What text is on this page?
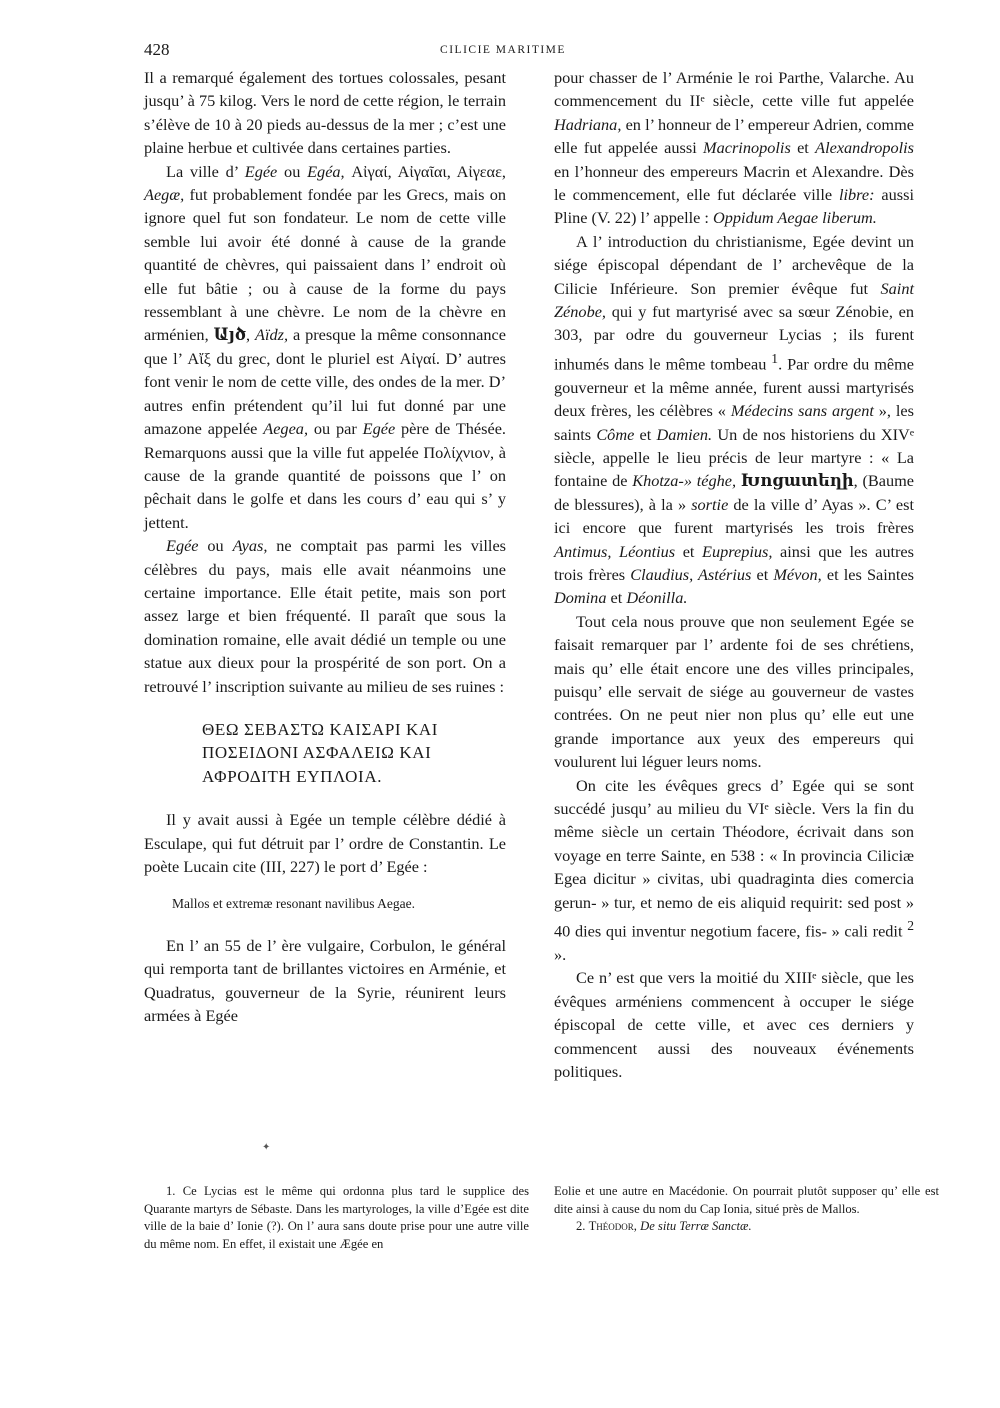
428	CILICIE MARITIME

Il a remarqué également des tortues colossales, pesant jusqu’ à 75 kilog. Vers le nord de cette région, le terrain s’élève de 10 à 20 pieds au-dessus de la mer ; c’est une plaine herbue et cultivée dans certaines parties.

La ville d’ Egée ou Egéa, Αἰγαί, Αἰγαῖαι, Αἰγεαε, Aegæ, fut probablement fondée par les Grecs, mais on ignore quel fut son fondateur. Le nom de cette ville semble lui avoir été donné à cause de la grande quantité de chèvres, qui paissaient dans l’ endroit où elle fut bâtie ; ou à cause de la forme du pays ressemblant à une chèvre. Le nom de la chèvre en arménien, Այծ, Aïdz, a presque la même consonnance que l’ Αἴξ du grec, dont le pluriel est Αἰγαί. D’ autres font venir le nom de cette ville, des ondes de la mer. D’ autres enfin prétendent qu’il lui fut donné par une amazone appelée Aegea, ou par Egée père de Thésée. Remarquons aussi que la ville fut appelée Πολίχνιον, à cause de la grande quantité de poissons que l’ on pêchait dans le golfe et dans les cours d’ eau qui s’ y jettent.

Egée ou Ayas, ne comptait pas parmi les villes célèbres du pays, mais elle avait néanmoins une certaine importance. Elle était petite, mais son port assez large et bien fréquenté. Il paraît que sous la domination romaine, elle avait dédié un temple ou une statue aux dieux pour la prospérité de son port. On a retrouvé l’ inscription suivante au milieu de ses ruines :

ΘΕΩ ΣΕΒΑΣΤΩ ΚΑΙΣΑΡΙ ΚΑΙ
ΠΟΣΕΙΔΟΝΙ ΑΣΦΑΛΕΙΩ ΚΑΙ
ΑΦΡΟΔΙΤΗ ΕΥΠΛΟΙΑ.

Il y avait aussi à Egée un temple célèbre dédié à Esculape, qui fut détruit par l’ ordre de Constantin. Le poète Lucain cite (III, 227) le port d’ Egée :

Mallos et extremæ resonant navilibus Aegae.

En l’ an 55 de l’ ère vulgaire, Corbulon, le général qui remporta tant de brillantes victoires en Arménie, et Quadratus, gouverneur de la Syrie, réunirent leurs armées à Egée

✦

pour chasser de l’ Arménie le roi Parthe, Valarche. Au commencement du IIᵉ siècle, cette ville fut appelée Hadriana, en l’ honneur de l’ empereur Adrien, comme elle fut appelée aussi Macrinopolis et Alexandropolis en l’honneur des empereurs Macrin et Alexandre. Dès le commencement, elle fut déclarée ville libre: aussi Pline (V. 22) l’ appelle : Oppidum Aegae liberum.

A l’ introduction du christianisme, Egée devint un siége épiscopal dépendant de l’ archevêque de la Cilicie Inférieure. Son premier évêque fut Saint Zénobe, qui y fut martyrisé avec sa sœur Zénobie, en 303, par odre du gouverneur Lycias ; ils furent inhumés dans le même tombeau $^1$. Par ordre du même gouverneur et la même année, furent aussi martyrisés deux frères, les célèbres « Médecins sans argent », les saints Côme et Damien. Un de nos historiens du XIVᵉ siècle, appelle le lieu précis de leur martyre : « La fontaine de Khotza-» téghe, Խոցատեղի, (Baume de blessures), à la » sortie de la ville d’ Ayas ». C’ est ici encore que furent martyrisés les trois frères Antimus, Léontius et Euprepius, ainsi que les autres trois frères Claudius, Astérius et Mévon, et les Saintes Domina et Déonilla.

Tout cela nous prouve que non seulement Egée se faisait remarquer par l’ ardente foi de ses chrétiens, mais qu’ elle était encore une des villes principales, puisqu’ elle servait de siége au gouverneur de vastes contrées. On ne peut nier non plus qu’ elle eut une grande importance aux yeux des empereurs qui voulurent lui léguer leurs noms.

On cite les évêques grecs d’ Egée qui se sont succédé jusqu’ au milieu du VIᵉ siècle. Vers la fin du même siècle un certain Théodore, écrivait dans son voyage en terre Sainte, en 538 : « In provincia Ciliciæ Egea dicitur » civitas, ubi quadraginta dies comercia gerun- » tur, et nemo de eis aliquid requirit: sed post » 40 dies qui inventur negotium facere, fis- » cali redit $^2$ ».

Ce n’ est que vers la moitié du XIIIᵉ siècle, que les évêques arméniens commencent à occuper le siége épiscopal de cette ville, et avec ces derniers y commencent aussi des nouveaux événements politiques.

1. Ce Lycias est le même qui ordonna plus tard le supplice des Quarante martyrs de Sébaste. Dans les martyrologes, la ville d’Egée est dite ville de la baie d’ Ionie (?). On l’ aura sans doute prise pour une autre ville du même nom. En effet, il existait une Ægée en

Eolie et une autre en Macédonie. On pourrait plutôt supposer qu’ elle est dite ainsi à cause du nom du Cap Ionia, situé près de Mallos.

2. Théodor, De situ Terræ Sanctæ.
